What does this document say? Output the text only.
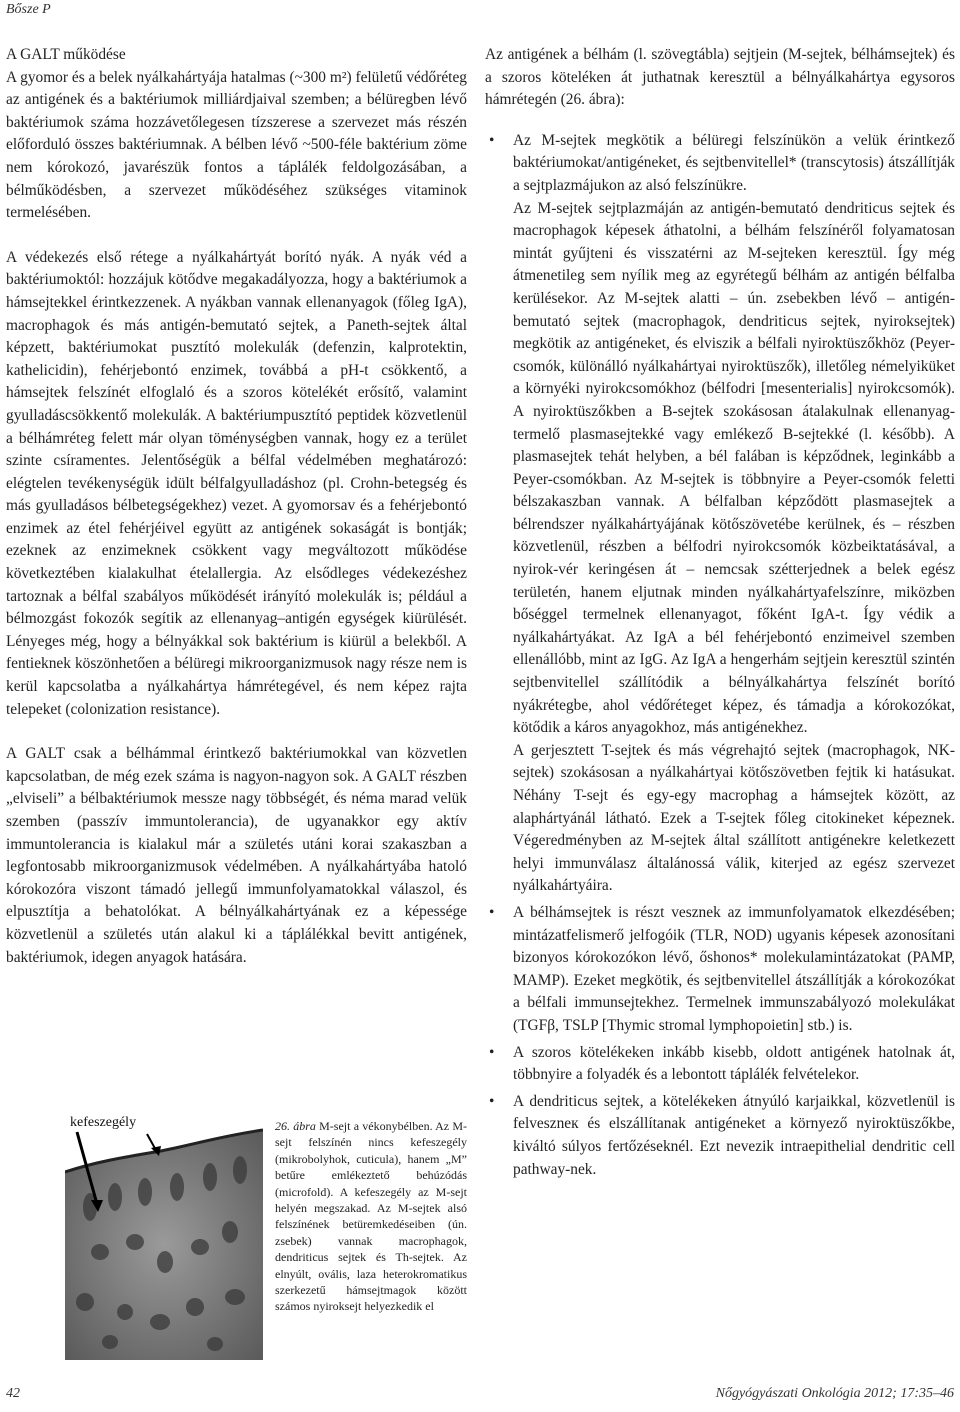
Bősze P

A GALT működése

A gyomor és a belek nyálkahártyája hatalmas (~300 m²) felületű védőréteg az antigének és a baktériumok milliárdjaival szemben; a bélüregben lévő baktériumok száma hozzávetőlegesen tízszerese a szervezet más részén előforduló összes baktériumnak. A bélben lévő ~500-féle baktérium zöme nem kórokozó, javarészük fontos a táplálék feldolgozásában, a bélműködésben, a szervezet működéséhez szükséges vitaminok termelésében.

A védekezés első rétege a nyálkahártyát borító nyák. A nyák véd a baktériumoktól: hozzájuk kötődve megakadályozza, hogy a baktériumok a hámsejtekkel érintkezzenek. A nyákban vannak ellenanyagok (főleg IgA), macrophagok és más antigén-bemutató sejtek, a Paneth-sejtek által képzett, baktériumokat pusztító molekulák (defenzin, kalprotektin, kathelicidin), fehérjebontó enzimek, továbbá a pH-t csökkentő, a hámsejtek felszínét elfoglaló és a szoros kötelékét erősítő, valamint gyulladáscsökkentő molekulák. A baktériumpusztító peptidek közvetlenül a bélhámréteg felett már olyan töménységben vannak, hogy ez a terület szinte csíramentes. Jelentőségük a bélfal védelmében meghatározó: elégtelen tevékenységük idült bélfalgyulladáshoz (pl. Crohn-betegség és más gyulladásos bélbetegségekhez) vezet. A gyomorsav és a fehérjebontó enzimek az étel fehérjéivel együtt az antigének sokaságát is bontják; ezeknek az enzimeknek csökkent vagy megváltozott működése következtében kialakulhat ételallergia. Az elsődleges védekezéshez tartoznak a bélfal szabályos működését irányító molekulák is; például a bélmozgást fokozók segítik az ellenanyag–antigén egységek kiürülését. Lényeges még, hogy a bélnyákkal sok baktérium is kiürül a belekből. A fentieknek köszönhetően a bélüregi mikroorganizmusok nagy része nem is kerül kapcsolatba a nyálkahártya hámrétegével, és nem képez rajta telepeket (colonization resistance).

A GALT csak a bélhámmal érintkező baktériumokkal van közvetlen kapcsolatban, de még ezek száma is nagyon-nagyon sok. A GALT részben „elviseli” a bélbaktériumok messze nagy többségét, és néma marad velük szemben (passzív immuntolerancia), de ugyanakkor egy aktív immuntolerancia is kialakul már a születés utáni korai szakaszban a legfontosabb mikroorganizmusok védelmében. A nyálkahártyába hatoló kórokozóra viszont támadó jellegű immunfolyamatokkal válaszol, és elpusztítja a behatolókat. A bélnyálkahártyának ez a képessége közvetlenül a születés után alakul ki a táplálékkal bevitt antigének, baktériumok, idegen anyagok hatására.

kefeszegély	26. ábra M-sejt a vékonybélben. Az M-sejt felszínén nincs kefeszegély (mikrobolyhok, cuticula), hanem „M” betűre emlékeztető behúzódás (microfold). A kefeszegély az M-sejt helyén megszakad. Az M-sejtek alsó felszínének betüremkedéseiben (ún. zsebek) vannak macrophagok, dendriticus sejtek és Th-sejtek. Az elnyúlt, ovális, laza heterokromatikus szerkezetű hámsejtmagok között számos nyiroksejt helyezkedik el

Az antigének a bélhám (l. szövegtábla) sejtjein (M-sejtek, bélhámsejtek) és a szoros köteléken át juthatnak keresztül a bélnyálkahártya egysoros hámrétegén (26. ábra):

• Az M-sejtek megkötik a bélüregi felszínükön a velük érintkező baktériumokat/antigéneket, és sejtbenvitellel* (transcytosis) átszállítják a sejtplazmájukon az alsó felszínükre.

Az M-sejtek sejtplazmáján az antigén-bemutató dendriticus sejtek és macrophagok képesek áthatolni, a bélhám felszínéről folyamatosan mintát gyűjteni és visszatérni az M-sejteken keresztül. Így még átmenetileg sem nyílik meg az egyrétegű bélhám az antigén bélfalba kerülésekor. Az M-sejtek alatti – ún. zsebekben lévő – antigén-bemutató sejtek (macrophagok, dendriticus sejtek, nyiroksejtek) megkötik az antigéneket, és elviszik a bélfali nyiroktüszőkhöz (Peyer-csomók, különálló nyálkahártyai nyiroktüszők), illetőleg némelyiküket a környéki nyirokcsomókhoz (bélfodri [mesenterialis] nyirokcsomók). A nyiroktüszőkben a B-sejtek szokásosan átalakulnak ellenanyag-termelő plasmasejtekké vagy emlékező B-sejtekké (l. később). A plasmasejtek tehát helyben, a bél falában is képződnek, leginkább a Peyer-csomókban. Az M-sejtek is többnyire a Peyer-csomók feletti bélszakaszban vannak. A bélfalban képződött plasmasejtek a bélrendszer nyálkahártyájának kötőszövetébe kerülnek, és – részben közvetlenül, részben a bélfodri nyirokcsomók közbeiktatásával, a nyirok-vér keringésen át – nemcsak szétterjednek a belek egész területén, hanem eljutnak minden nyálkahártyafelszínre, miközben bőséggel termelnek ellenanyagot, főként IgA-t. Így védik a nyálkahártyákat. Az IgA a bél fehérjebontó enzimeivel szemben ellenállóbb, mint az IgG. Az IgA a hengerhám sejtjein keresztül szintén sejtbenvitellel szállítódik a bélnyálkahártya felszínét borító nyákrétegbe, ahol védőréteget képez, és támadja a kórokozókat, kötődik a káros anyagokhoz, más antigénekhez.

A gerjesztett T-sejtek és más végrehajtó sejtek (macrophagok, NK-sejtek) szokásosan a nyálkahártyai kötőszövetben fejtik ki hatásukat. Néhány T-sejt és egy-egy macrophag a hámsejtek között, az alaphártyánál látható. Ezek a T-sejtek főleg citokineket képeznek. Végeredményben az M-sejtek által szállított antigénekre keletkezett helyi immunválasz általánossá válik, kiterjed az egész szervezet nyálkahártyáira.

• A bélhámsejtek is részt vesznek az immunfolyamatok elkezdésében; mintázatfelismerő jelfogóik (TLR, NOD) ugyanis képesek azonosítani bizonyos kórokozókon lévő, őshonos* molekulamintázatokat (PAMP, MAMP). Ezeket megkötik, és sejtbenvitellel átszállítják a kórokozókat a bélfali immunsejtekhez. Termelnek immunszabályozó molekulákat (TGFβ, TSLP [Thymic stromal lymphopoietin] stb.) is.

• A szoros kötelékeken inkább kisebb, oldott antigének hatolnak át, többnyire a folyadék és a lebontott táplálék felvételekor.

• A dendriticus sejtek, a kötelékeken átnyúló karjaikkal, közvetlenül is felveszneк és elszállítanak antigéneket a környező nyiroktüszőkbe, kiváltó súlyos fertőzéseknél. Ezt nevezik intraepithelial dendritic cell pathway-nek.

42	Nőgyógyászati Onkológia 2012; 17:35–46
